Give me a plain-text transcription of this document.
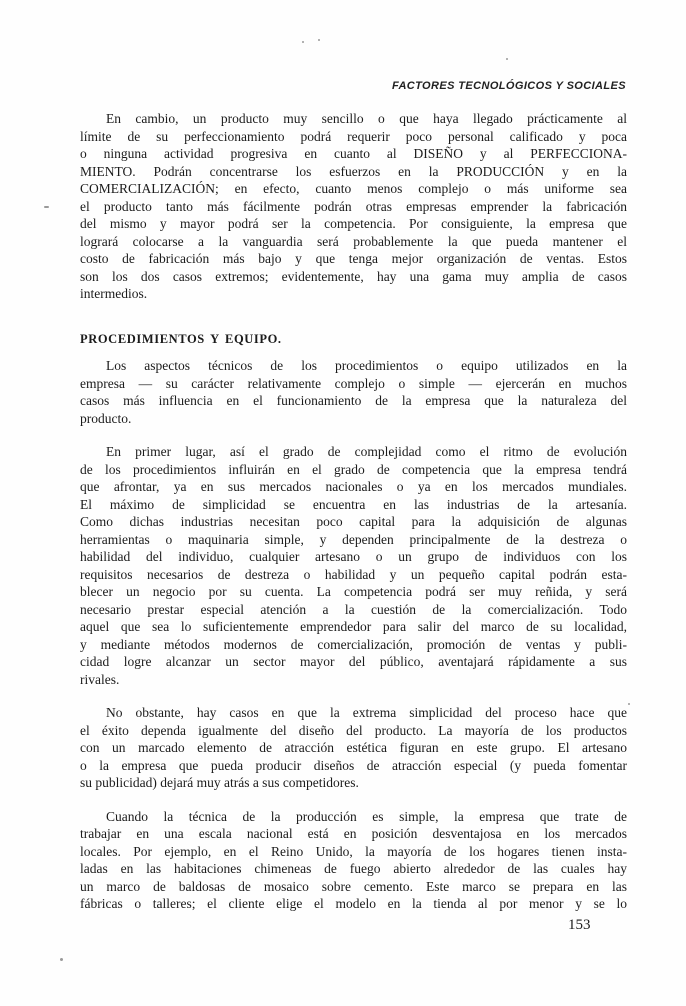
FACTORES TECNOLÓGICOS Y SOCIALES
En cambio, un producto muy sencillo o que haya llegado prácticamente al
límite de su perfeccionamiento podrá requerir poco personal calificado y poca
o ninguna actividad progresiva en cuanto al DISEÑO y al PERFECCIONA-
MIENTO. Podrán concentrarse los esfuerzos en la PRODUCCIÓN y en la
COMERCIALIZACIÓN; en efecto, cuanto menos complejo o más uniforme sea
el producto tanto más fácilmente podrán otras empresas emprender la fabricación
del mismo y mayor podrá ser la competencia. Por consiguiente, la empresa que
logrará colocarse a la vanguardia será probablemente la que pueda mantener el
costo de fabricación más bajo y que tenga mejor organización de ventas. Estos
son los dos casos extremos; evidentemente, hay una gama muy amplia de casos
intermedios.
PROCEDIMIENTOS Y EQUIPO.
Los aspectos técnicos de los procedimientos o equipo utilizados en la
empresa — su carácter relativamente complejo o simple — ejercerán en muchos
casos más influencia en el funcionamiento de la empresa que la naturaleza del
producto.
En primer lugar, así el grado de complejidad como el ritmo de evolución
de los procedimientos influirán en el grado de competencia que la empresa tendrá
que afrontar, ya en sus mercados nacionales o ya en los mercados mundiales.
El máximo de simplicidad se encuentra en las industrias de la artesanía.
Como dichas industrias necesitan poco capital para la adquisición de algunas
herramientas o maquinaria simple, y dependen principalmente de la destreza o
habilidad del individuo, cualquier artesano o un grupo de individuos con los
requisitos necesarios de destreza o habilidad y un pequeño capital podrán esta-
blecer un negocio por su cuenta. La competencia podrá ser muy reñida, y será
necesario prestar especial atención a la cuestión de la comercialización. Todo
aquel que sea lo suficientemente emprendedor para salir del marco de su localidad,
y mediante métodos modernos de comercialización, promoción de ventas y publi-
cidad logre alcanzar un sector mayor del público, aventajará rápidamente a sus
rivales.
No obstante, hay casos en que la extrema simplicidad del proceso hace que
el éxito dependa igualmente del diseño del producto. La mayoría de los productos
con un marcado elemento de atracción estética figuran en este grupo. El artesano
o la empresa que pueda producir diseños de atracción especial (y pueda fomentar
su publicidad) dejará muy atrás a sus competidores.
Cuando la técnica de la producción es simple, la empresa que trate de
trabajar en una escala nacional está en posición desventajosa en los mercados
locales. Por ejemplo, en el Reino Unido, la mayoría de los hogares tienen insta-
ladas en las habitaciones chimeneas de fuego abierto alrededor de las cuales hay
un marco de baldosas de mosaico sobre cemento. Este marco se prepara en las
fábricas o talleres; el cliente elige el modelo en la tienda al por menor y se lo
153
